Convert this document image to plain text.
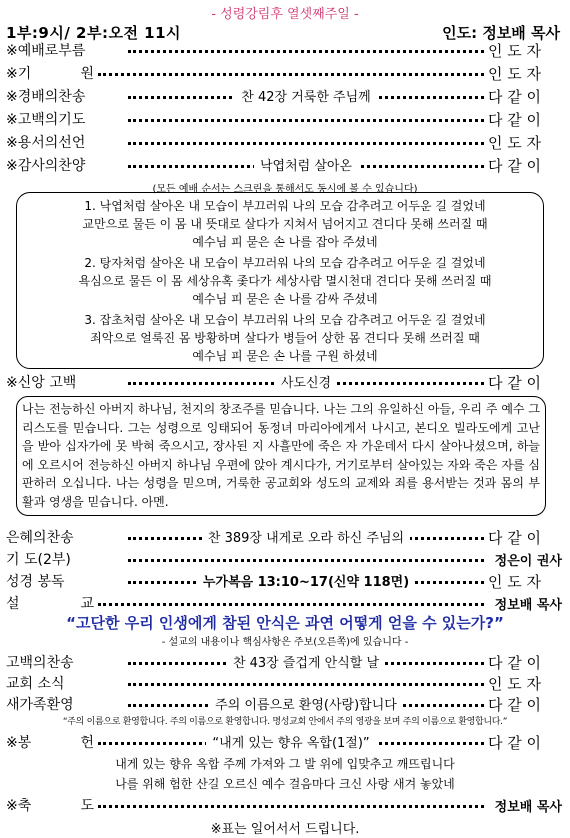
- 성령강림후 열셋째주일 -
1부:9시/ 2부:오전 11시	인도: 정보배 목사
※예배로부름	인 도 자
※기	원	인 도 자
※경배의찬송	찬 42장 거룩한 주님께	다 같 이
※고백의기도	다 같 이
※용서의선언	인 도 자
※감사의찬양	낙엽처럼 살아온	다 같 이
(모든 예배 순서는 스크린을 통해서도 동시에 볼 수 있습니다)
1. 낙엽처럼 살아온 내 모습이 부끄러워 나의 모습 감추려고 어두운 길 걸었네
교만으로 물든 이 몸 내 뜻대로 살다가 지쳐서 넘어지고 견디다 못해 쓰러질 때
예수님 피 묻은 손 나를 잡아 주셨네
2. 탕자처럼 살아온 내 모습이 부끄러워 나의 모습 감추려고 어두운 길 걸었네
욕심으로 물든 이 몸 세상유혹 좇다가 세상사람 멸시천대 견디다 못해 쓰러질 때
예수님 피 묻은 손 나를 감싸 주셨네
3. 잡초처럼 살아온 내 모습이 부끄러워 나의 모습 감추려고 어두운 길 걸었네
죄악으로 얼룩진 몸 방황하며 살다가 병들어 상한 몸 견디다 못해 쓰러질 때
예수님 피 묻은 손 나를 구원 하셨네
※신앙 고백	사도신경	다 같 이
나는 전능하신 아버지 하나님, 천지의 창조주를 믿습니다. 나는 그의 유일하신 아들, 우리 주 예수 그리스도를 믿습니다. 그는 성령으로 잉태되어 동정녀 마리아에게서 나시고, 본디오 빌라도에게 고난을 받아 십자가에 못 박혀 죽으시고, 장사된 지 사흘만에 죽은 자 가운데서 다시 살아나셨으며, 하늘에 오르시어 전능하신 아버지 하나님 우편에 앉아 계시다가, 거기로부터 살아있는 자와 죽은 자를 심판하러 오십니다. 나는 성령을 믿으며, 거룩한 공교회와 성도의 교제와 죄를 용서받는 것과 몸의 부활과 영생을 믿습니다. 아멘.
은혜의찬송	찬 389장 내게로 오라 하신 주님의	다 같 이
기 도(2부)	정은이 권사
성경 봉독	누가복음 13:10~17(신약 118면)	인 도 자
설	교	정보배 목사
“고단한 우리 인생에게 참된 안식은 과연 어떻게 얻을 수 있는가?”
- 설교의 내용이나 핵심사항은 주보(오른쪽)에 있습니다 -
고백의찬송	찬 43장 즐겁게 안식할 날	다 같 이
교회 소식	인 도 자
새가족환영	주의 이름으로 환영(사랑)합니다	다 같 이
“주의 이름으로 환영합니다. 주의 이름으로 환영합니다. 명성교회 안에서 주의 영광을 보며 주의 이름으로 환영합니다.”
※봉	헌	“내게 있는 향유 옥합(1절)”	다 같 이
내게 있는 향유 옥합 주께 가져와 그 발 위에 입맞추고 깨뜨립니다
나를 위해 험한 산길 오르신 예수 걸음마다 크신 사랑 새겨 놓았네
※축	도	정보배 목사
※표는 일어서서 드립니다.
